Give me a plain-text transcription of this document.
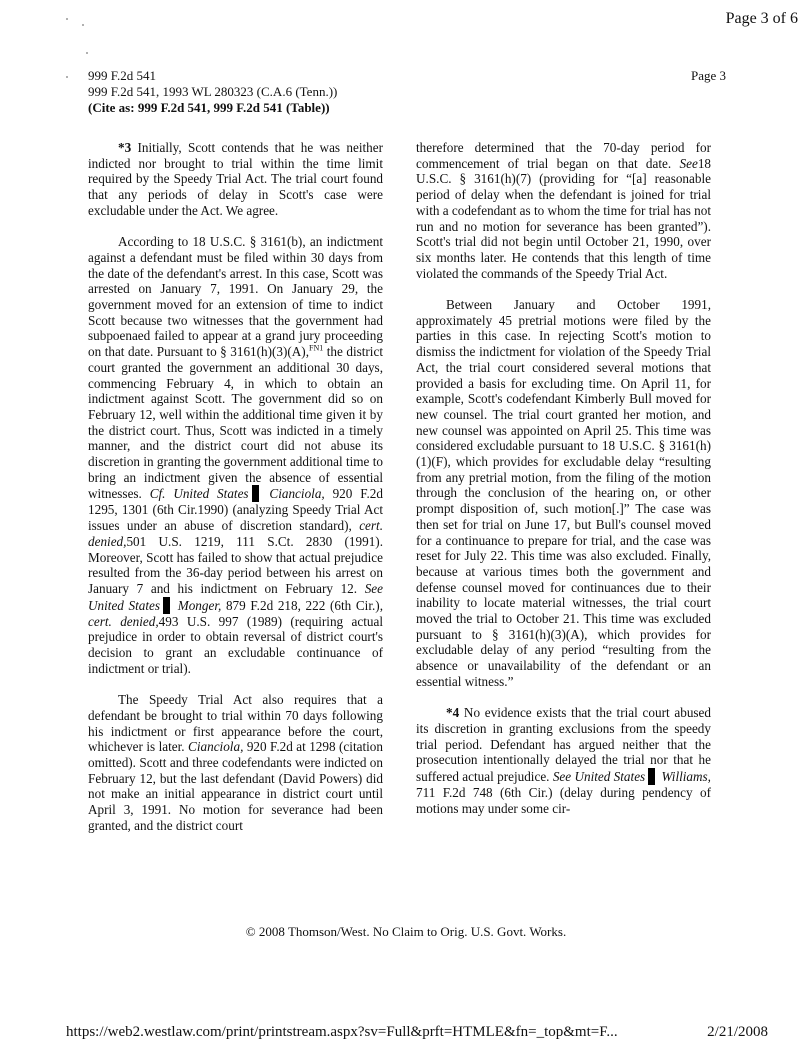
Page 3 of 6
Page 3
999 F.2d 541
999 F.2d 541, 1993 WL 280323 (C.A.6 (Tenn.))
(Cite as: 999 F.2d 541, 999 F.2d 541 (Table))

*3 Initially, Scott contends that he was neither indicted nor brought to trial within the time limit required by the Speedy Trial Act. The trial court found that any periods of delay in Scott's case were excludable under the Act. We agree.

According to 18 U.S.C. § 3161(b), an indictment against a defendant must be filed within 30 days from the date of the defendant's arrest. In this case, Scott was arrested on January 7, 1991. On January 29, the government moved for an extension of time to indict Scott because two witnesses that the government had subpoenaed failed to appear at a grand jury proceeding on that date. Pursuant to § 3161(h)(3)(A),$^{FN1}$ the district court granted the government an additional 30 days, commencing February 4, in which to obtain an indictment against Scott. The government did so on February 12, well within the additional time given it by the district court. Thus, Scott was indicted in a timely manner, and the district court did not abuse its discretion in granting the government additional time to bring an indictment given the absence of essential witnesses. Cf. United States Cianciola, 920 F.2d 1295, 1301 (6th Cir.1990) (analyzing Speedy Trial Act issues under an abuse of discretion standard), cert. denied,501 U.S. 1219, 111 S.Ct. 2830 (1991). Moreover, Scott has failed to show that actual prejudice resulted from the 36-day period between his arrest on January 7 and his indictment on February 12. See United States Monger, 879 F.2d 218, 222 (6th Cir.), cert. denied,493 U.S. 997 (1989) (requiring actual prejudice in order to obtain reversal of district court's decision to grant an excludable continuance of indictment or trial).

The Speedy Trial Act also requires that a defendant be brought to trial within 70 days following his indictment or first appearance before the court, whichever is later. Cianciola, 920 F.2d at 1298 (citation omitted). Scott and three codefendants were indicted on February 12, but the last defendant (David Powers) did not make an initial appearance in district court until April 3, 1991. No motion for severance had been granted, and the district court

therefore determined that the 70-day period for commencement of trial began on that date. See18 U.S.C. § 3161(h)(7) (providing for “[a] reasonable period of delay when the defendant is joined for trial with a codefendant as to whom the time for trial has not run and no motion for severance has been granted”). Scott's trial did not begin until October 21, 1990, over six months later. He contends that this length of time violated the commands of the Speedy Trial Act.

Between January and October 1991, approximately 45 pretrial motions were filed by the parties in this case. In rejecting Scott's motion to dismiss the indictment for violation of the Speedy Trial Act, the trial court considered several motions that provided a basis for excluding time. On April 11, for example, Scott's codefendant Kimberly Bull moved for new counsel. The trial court granted her motion, and new counsel was appointed on April 25. This time was considered excludable pursuant to 18 U.S.C. § 3161(h)(1)(F), which provides for excludable delay “resulting from any pretrial motion, from the filing of the motion through the conclusion of the hearing on, or other prompt disposition of, such motion[.]” The case was then set for trial on June 17, but Bull's counsel moved for a continuance to prepare for trial, and the case was reset for July 22. This time was also excluded. Finally, because at various times both the government and defense counsel moved for continuances due to their inability to locate material witnesses, the trial court moved the trial to October 21. This time was excluded pursuant to § 3161(h)(3)(A), which provides for excludable delay of any period “resulting from the absence or unavailability of the defendant or an essential witness.”

*4 No evidence exists that the trial court abused its discretion in granting exclusions from the speedy trial period. Defendant has argued neither that the prosecution intentionally delayed the trial nor that he suffered actual prejudice. See United States Williams, 711 F.2d 748 (6th Cir.) (delay during pendency of motions may under some cir-

© 2008 Thomson/West. No Claim to Orig. U.S. Govt. Works.
https://web2.westlaw.com/print/printstream.aspx?sv=Full&prft=HTMLE&fn=_top&mt=F...	2/21/2008
